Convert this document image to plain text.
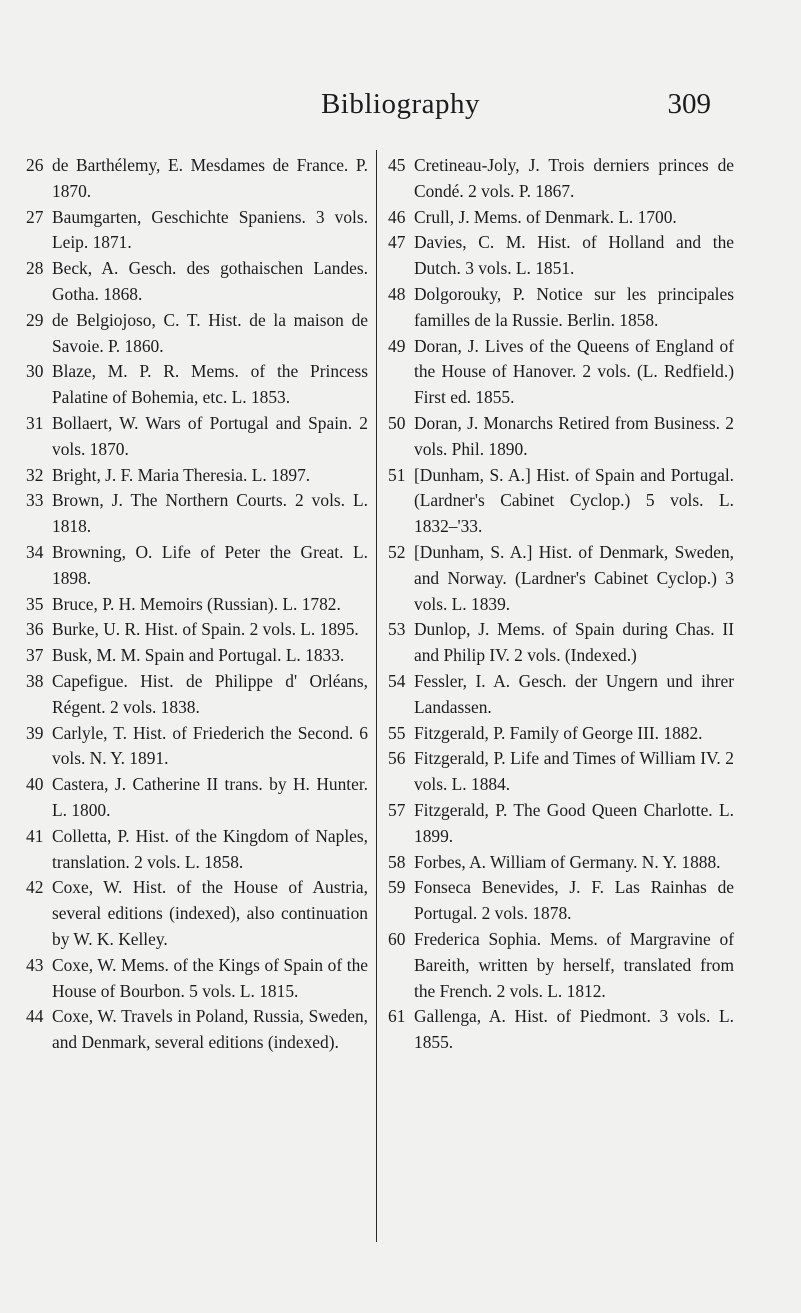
Bibliography	309

26 de Barthélemy, E. Mesdames de France. P. 1870.

27 Baumgarten, Geschichte Spaniens. 3 vols. Leip. 1871.

28 Beck, A. Gesch. des gothaischen Landes. Gotha. 1868.

29 de Belgiojoso, C. T. Hist. de la maison de Savoie. P. 1860.

30 Blaze, M. P. R. Mems. of the Princess Palatine of Bohemia, etc. L. 1853.

31 Bollaert, W. Wars of Portugal and Spain. 2 vols. 1870.

32 Bright, J. F. Maria Theresia. L. 1897.

33 Brown, J. The Northern Courts. 2 vols. L. 1818.

34 Browning, O. Life of Peter the Great. L. 1898.

35 Bruce, P. H. Memoirs (Russian). L. 1782.

36 Burke, U. R. Hist. of Spain. 2 vols. L. 1895.

37 Busk, M. M. Spain and Portugal. L. 1833.

38 Capefigue. Hist. de Philippe d' Orléans, Régent. 2 vols. 1838.

39 Carlyle, T. Hist. of Friederich the Second. 6 vols. N. Y. 1891.

40 Castera, J. Catherine II trans. by H. Hunter. L. 1800.

41 Colletta, P. Hist. of the Kingdom of Naples, translation. 2 vols. L. 1858.

42 Coxe, W. Hist. of the House of Austria, several editions (indexed), also continuation by W. K. Kelley.

43 Coxe, W. Mems. of the Kings of Spain of the House of Bourbon. 5 vols. L. 1815.

44 Coxe, W. Travels in Poland, Russia, Sweden, and Denmark, several editions (indexed).

45 Cretineau-Joly, J. Trois derniers princes de Condé. 2 vols. P. 1867.

46 Crull, J. Mems. of Denmark. L. 1700.

47 Davies, C. M. Hist. of Holland and the Dutch. 3 vols. L. 1851.

48 Dolgorouky, P. Notice sur les principales familles de la Russie. Berlin. 1858.

49 Doran, J. Lives of the Queens of England of the House of Hanover. 2 vols. (L. Redfield.) First ed. 1855.

50 Doran, J. Monarchs Retired from Business. 2 vols. Phil. 1890.

51 [Dunham, S. A.] Hist. of Spain and Portugal. (Lardner's Cabinet Cyclop.) 5 vols. L. 1832–'33.

52 [Dunham, S. A.] Hist. of Denmark, Sweden, and Norway. (Lardner's Cabinet Cyclop.) 3 vols. L. 1839.

53 Dunlop, J. Mems. of Spain during Chas. II and Philip IV. 2 vols. (Indexed.)

54 Fessler, I. A. Gesch. der Ungern und ihrer Landassen.

55 Fitzgerald, P. Family of George III. 1882.

56 Fitzgerald, P. Life and Times of William IV. 2 vols. L. 1884.

57 Fitzgerald, P. The Good Queen Charlotte. L. 1899.

58 Forbes, A. William of Germany. N. Y. 1888.

59 Fonseca Benevides, J. F. Las Rainhas de Portugal. 2 vols. 1878.

60 Frederica Sophia. Mems. of Margravine of Bareith, written by herself, translated from the French. 2 vols. L. 1812.

61 Gallenga, A. Hist. of Piedmont. 3 vols. L. 1855.
